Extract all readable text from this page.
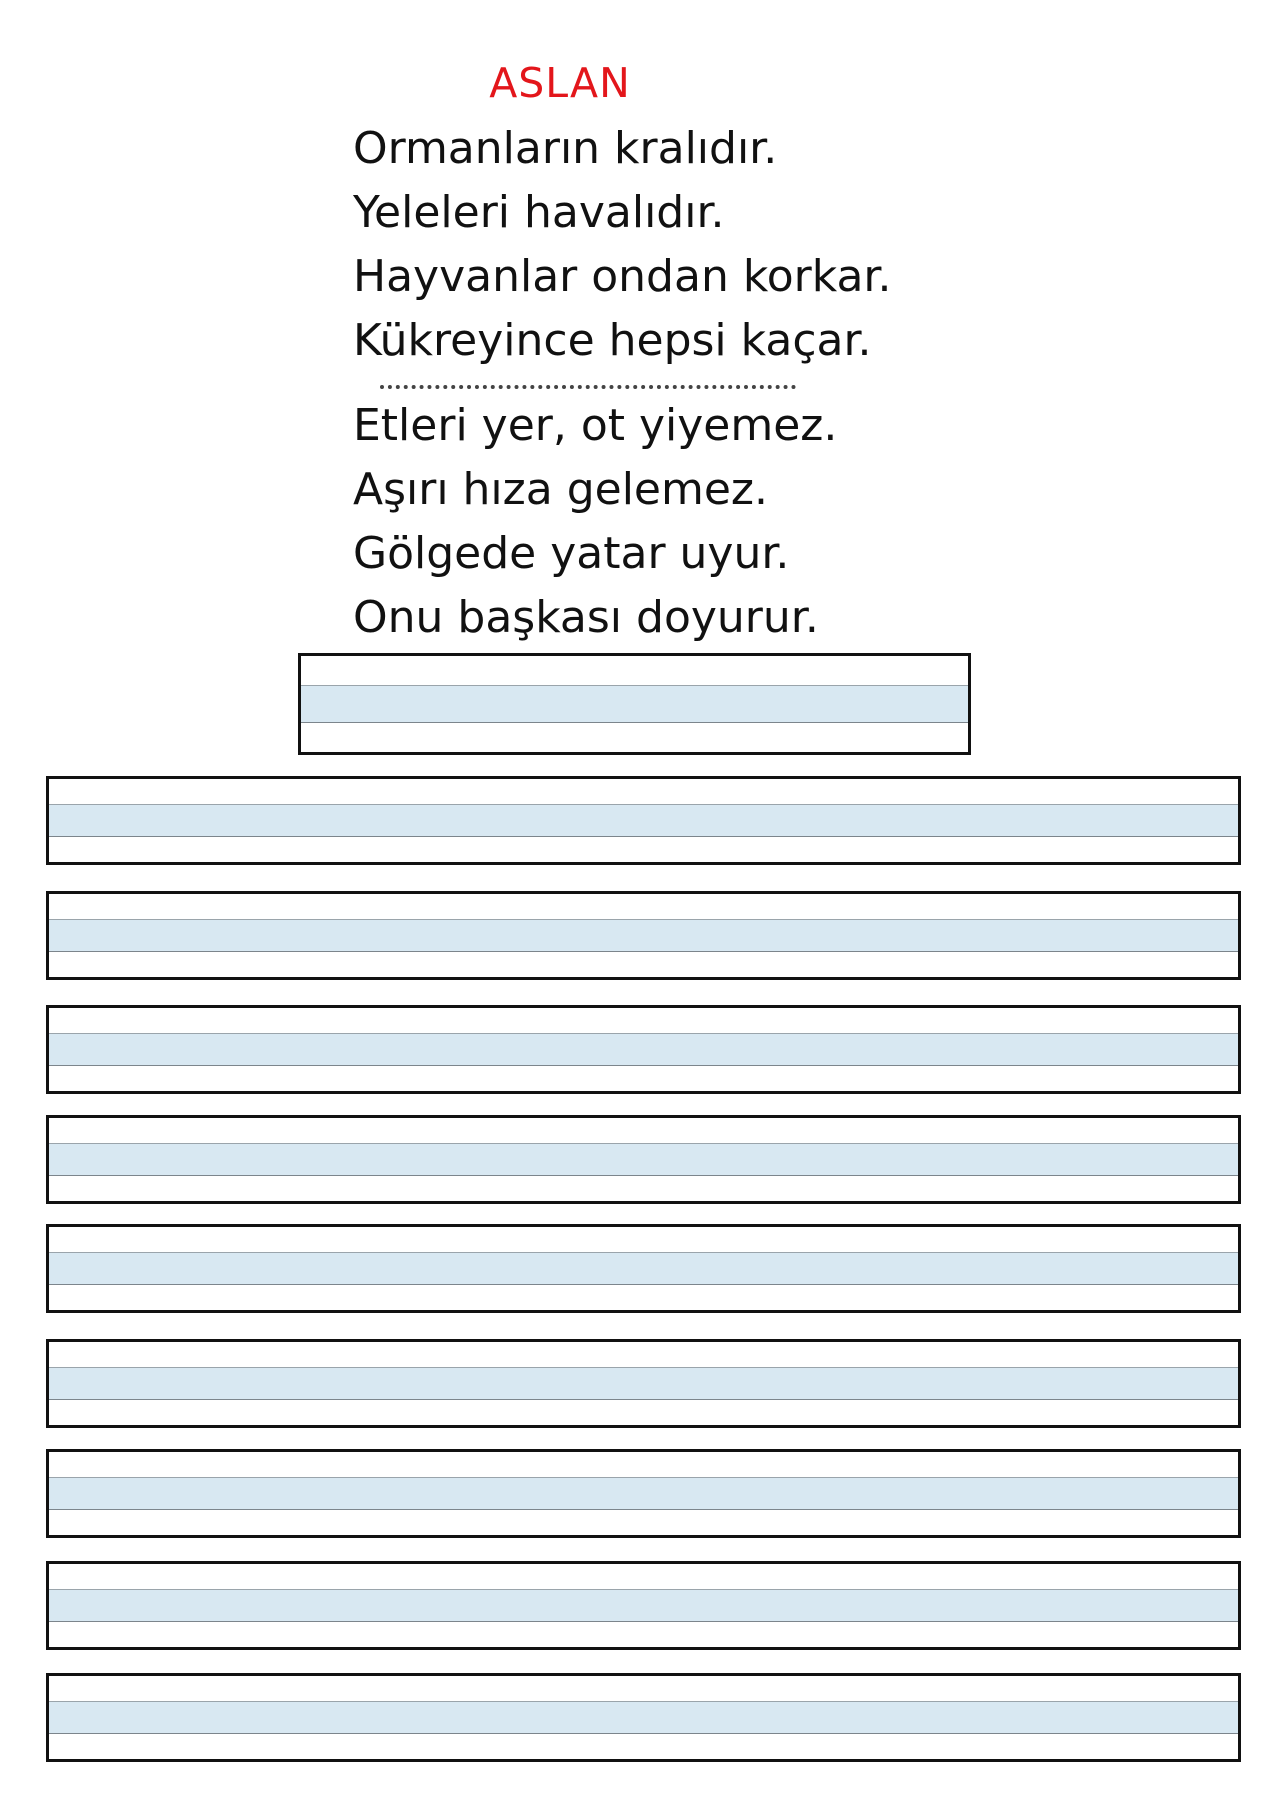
ASLAN
Ormanların kralıdır.
Yeleleri havalıdır.
Hayvanlar ondan korkar.
Kükreyince hepsi kaçar.
Etleri yer, ot yiyemez.
Aşırı hıza gelemez.
Gölgede yatar uyur.
Onu başkası doyurur.
